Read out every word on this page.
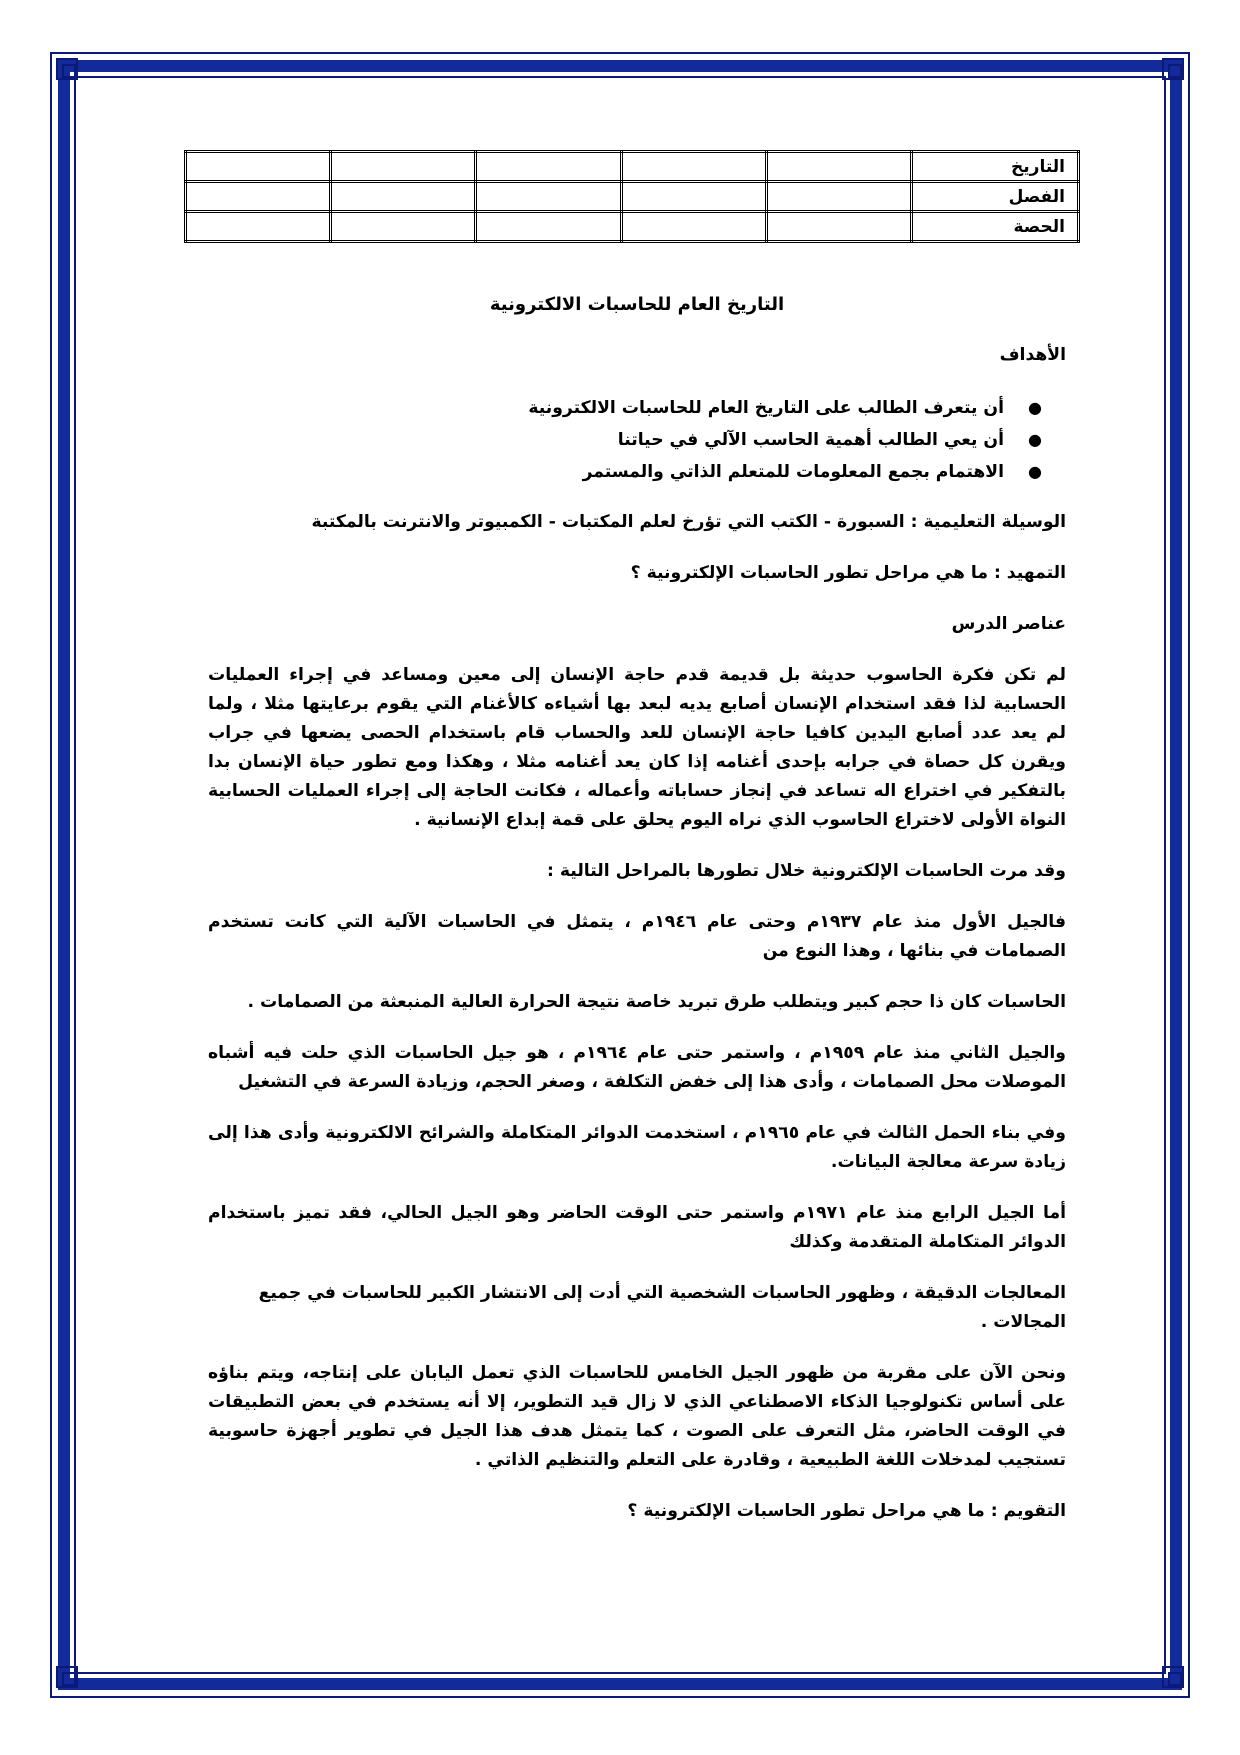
التاريخ					
الفصل					
الحصة					
التاريخ العام للحاسبات الالكترونية

الأهداف

●
أن يتعرف الطالب على التاريخ العام للحاسبات الالكترونية
●
أن يعي الطالب أهمية الحاسب الآلي في حياتنا
●
الاهتمام بجمع المعلومات للمتعلم الذاتي والمستمر

الوسيلة التعليمية : السبورة - الكتب التي تؤرخ لعلم المكتبات - الكمبيوتر والانترنت بالمكتبة

التمهيد : ما هي مراحل تطور الحاسبات الإلكترونية ؟

عناصر الدرس

لم تكن فكرة الحاسوب حديثة بل قديمة قدم حاجة الإنسان إلى معين ومساعد في إجراء العمليات الحسابية لذا فقد استخدام الإنسان أصابع يديه لبعد بها أشياءه كالأغنام التي يقوم برعايتها مثلا ، ولما لم يعد عدد أصابع اليدين كافيا حاجة الإنسان للعد والحساب قام باستخدام الحصى يضعها في جراب ويقرن كل حصاة في جرابه بإحدى أغنامه إذا كان يعد أغنامه مثلا ، وهكذا ومع تطور حياة الإنسان بدا بالتفكير في اختراع اله تساعد في إنجاز حساباته وأعماله ، فكانت الحاجة إلى إجراء العمليات الحسابية النواة الأولى لاختراع الحاسوب الذي نراه اليوم يحلق على قمة إبداع الإنسانية .

وقد مرت الحاسبات الإلكترونية خلال تطورها بالمراحل التالية :

فالجيل الأول منذ عام ١٩٣٧م وحتى عام ١٩٤٦م ، يتمثل في الحاسبات الآلية التي كانت تستخدم الصمامات في بنائها ، وهذا النوع من

الحاسبات كان ذا حجم كبير ويتطلب طرق تبريد خاصة نتيجة الحرارة العالية المنبعثة من الصمامات .

والجيل الثاني منذ عام ١٩٥٩م ، واستمر حتى عام ١٩٦٤م ، هو جيل الحاسبات الذي حلت فيه أشباه الموصلات محل الصمامات ، وأدى هذا إلى خفض التكلفة ، وصغر الحجم، وزيادة السرعة في التشغيل

وفي بناء الحمل الثالث في عام ١٩٦٥م ، استخدمت الدوائر المتكاملة والشرائح الالكترونية وأدى هذا إلى زيادة سرعة معالجة البيانات.

أما الجيل الرابع منذ عام ١٩٧١م واستمر حتى الوقت الحاضر وهو الجيل الحالي، فقد تميز باستخدام الدوائر المتكاملة المتقدمة وكذلك

المعالجات الدقيقة ، وظهور الحاسبات الشخصية التي أدت إلى الانتشار الكبير للحاسبات في جميع المجالات .

ونحن الآن على مقربة من ظهور الجيل الخامس للحاسبات الذي تعمل اليابان على إنتاجه، ويتم بناؤه على أساس تكنولوجيا الذكاء الاصطناعي الذي لا زال قيد التطوير، إلا أنه يستخدم في بعض التطبيقات في الوقت الحاضر، مثل التعرف على الصوت ، كما يتمثل هدف هذا الجيل في تطوير أجهزة حاسوبية تستجيب لمدخلات اللغة الطبيعية ، وقادرة على التعلم والتنظيم الذاتي .

التقويم : ما هي مراحل تطور الحاسبات الإلكترونية ؟
